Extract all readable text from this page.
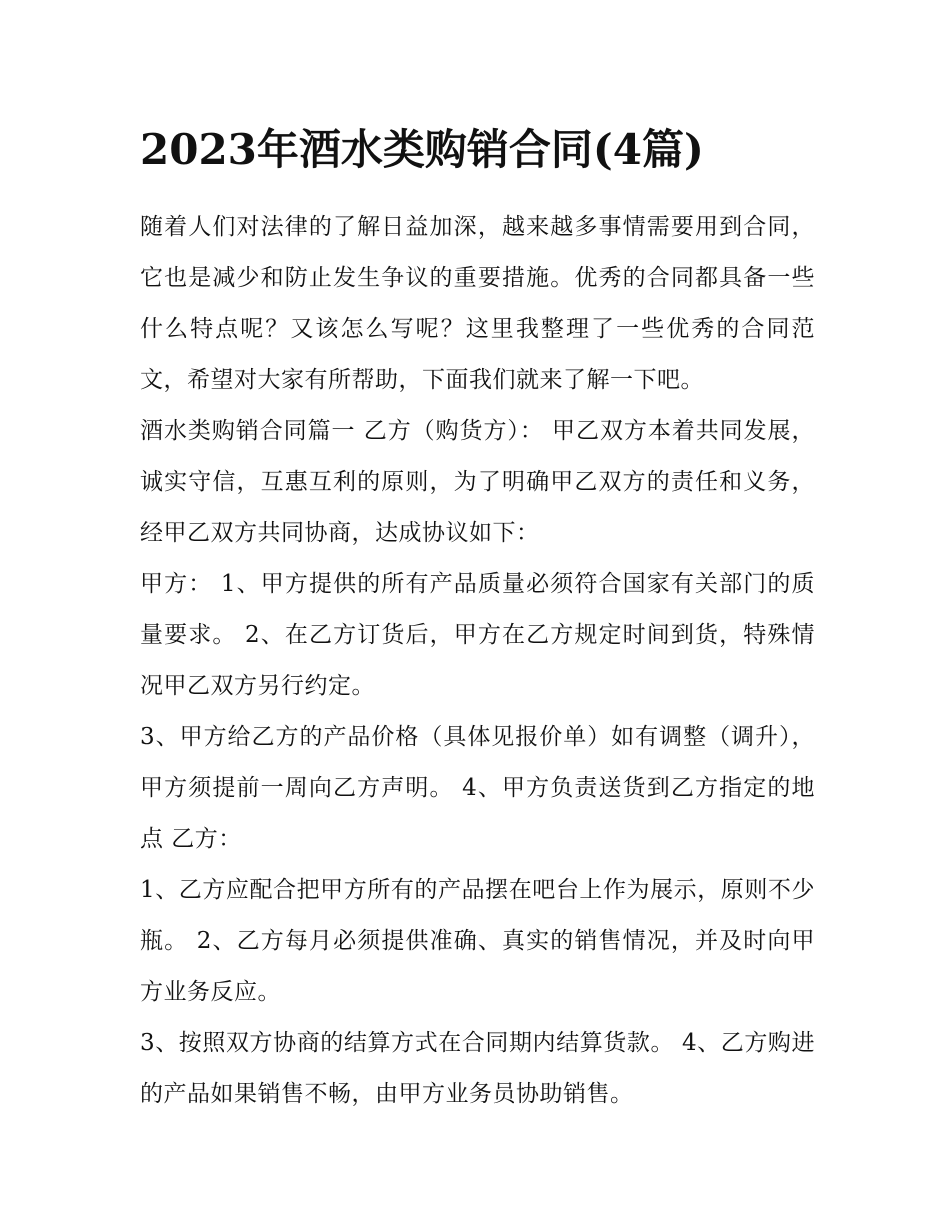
2023年酒水类购销合同(4篇)

随着人们对法律的了解日益加深，越来越多事情需要用到合同，它也是减少和防止发生争议的重要措施。优秀的合同都具备一些什么特点呢？又该怎么写呢？这里我整理了一些优秀的合同范文，希望对大家有所帮助，下面我们就来了解一下吧。

酒水类购销合同篇一 乙方（购货方）： 甲乙双方本着共同发展，诚实守信，互惠互利的原则，为了明确甲乙双方的责任和义务，经甲乙双方共同协商，达成协议如下：

甲方： 1、甲方提供的所有产品质量必须符合国家有关部门的质量要求。 2、在乙方订货后，甲方在乙方规定时间到货，特殊情况甲乙双方另行约定。

3、甲方给乙方的产品价格（具体见报价单）如有调整（调升），甲方须提前一周向乙方声明。 4、甲方负责送货到乙方指定的地点 乙方：

1、乙方应配合把甲方所有的产品摆在吧台上作为展示，原则不少瓶。 2、乙方每月必须提供准确、真实的销售情况，并及时向甲方业务反应。

3、按照双方协商的结算方式在合同期内结算货款。 4、乙方购进的产品如果销售不畅，由甲方业务员协助销售。
